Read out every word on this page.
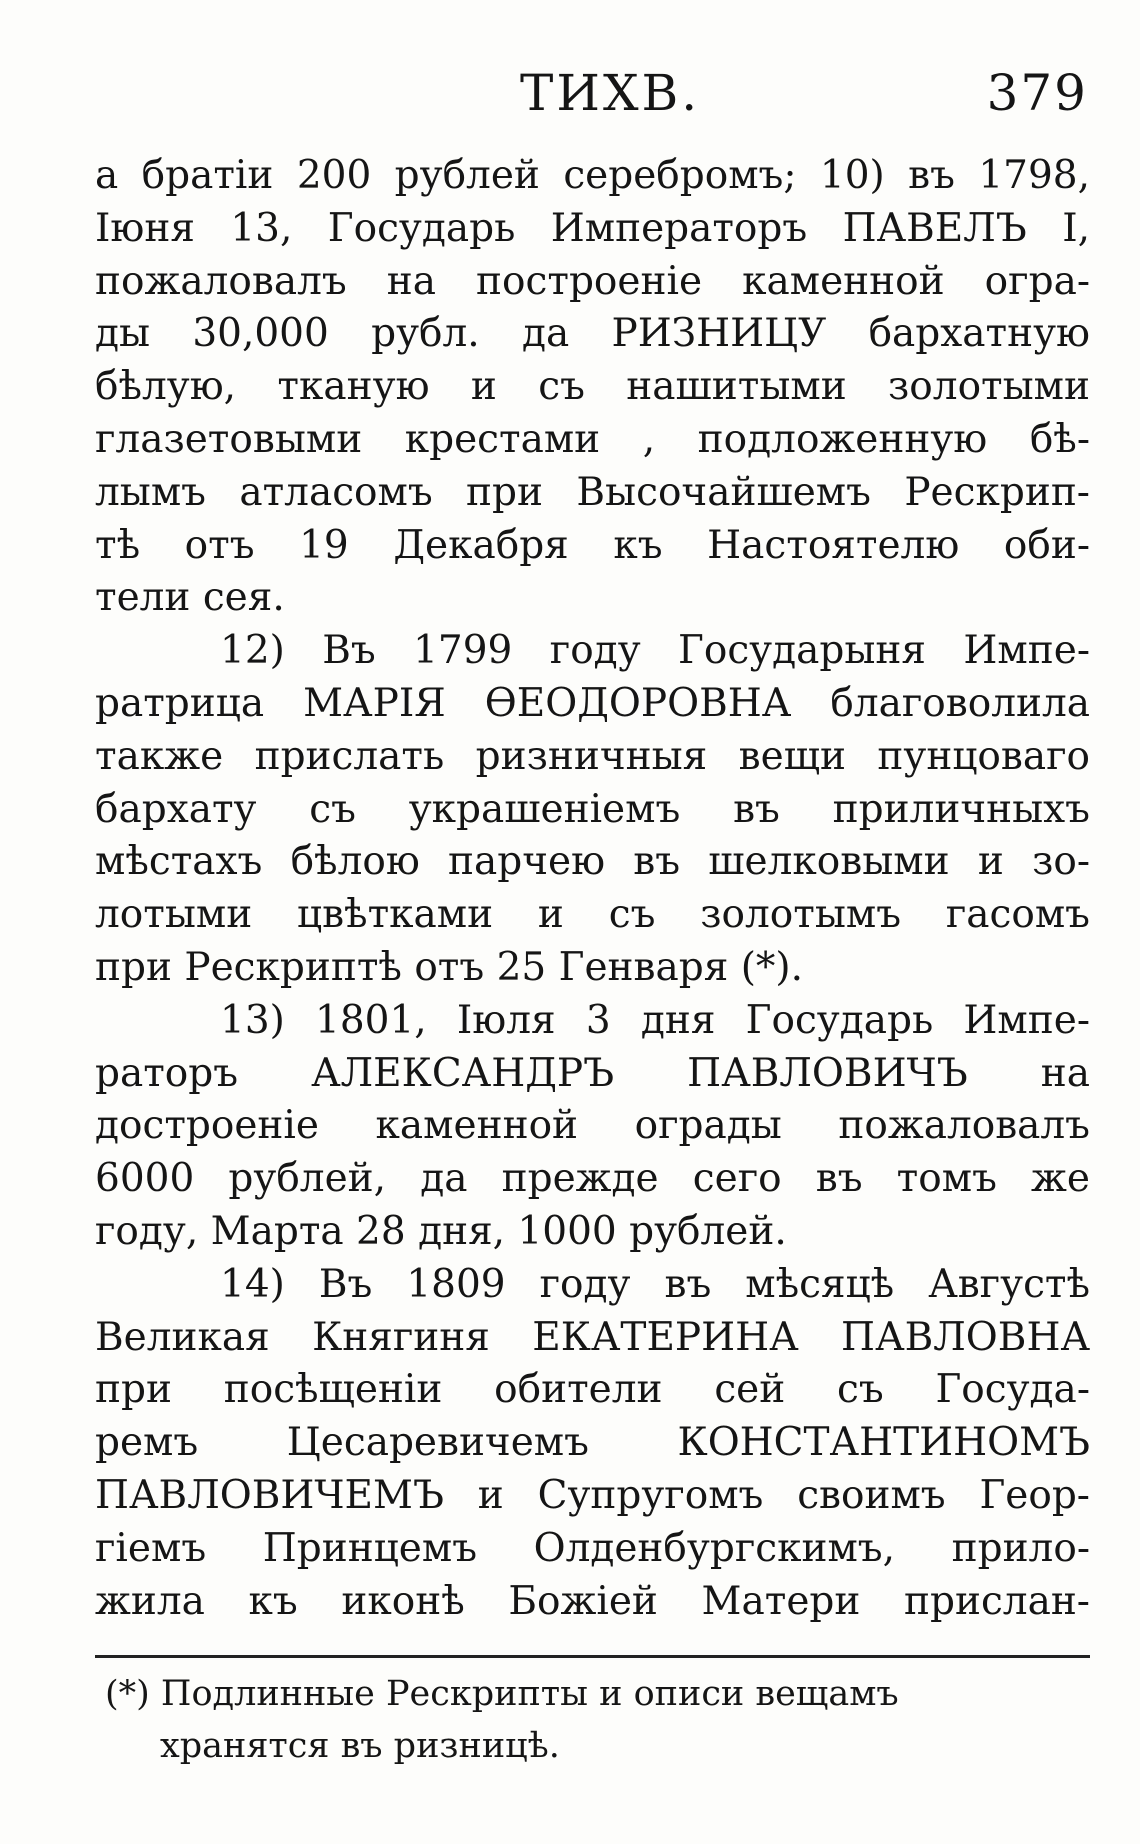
ТИХВ.	379
а братіи 200 рублей серебромъ; 10) въ 1798,
Іюня 13, Государь Императоръ ПАВЕЛЪ I,
пожаловалъ на построеніе каменной огра-
ды 30,000 рубл. да РИЗНИЦУ бархатную
бѣлую, тканую и съ нашитыми золотыми
глазетовыми крестами , подложенную бѣ-
лымъ атласомъ при Высочайшемъ Рескрип-
тѣ отъ 19 Декабря къ Настоятелю оби-
тели сея.
12) Въ 1799 году Государыня Импе-
ратрица МАРІЯ ѲЕОДОРОВНА благоволила
также прислать ризничныя вещи пунцоваго
бархату съ украшеніемъ въ приличныхъ
мѣстахъ бѣлою парчею въ шелковыми и зо-
лотыми цвѣтками и съ золотымъ гасомъ
при Рескриптѣ отъ 25 Генваря (*).
13) 1801, Іюля 3 дня Государь Импе-
раторъ АЛЕКСАНДРЪ ПАВЛОВИЧЪ на
достроеніе каменной ограды пожаловалъ
6000 рублей, да прежде сего въ томъ же
году, Марта 28 дня, 1000 рублей.
14) Въ 1809 году въ мѣсяцѣ Августѣ
Великая Княгиня ЕКАТЕРИНА ПАВЛОВНА
при посѣщеніи обители сей съ Госуда-
ремъ Цесаревичемъ КОНСТАНТИНОМЪ
ПАВЛОВИЧЕМЪ и Супругомъ своимъ Геор-
гіемъ Принцемъ Олденбургскимъ, прило-
жила къ иконѣ Божіей Матери прислан-
(*) Подлинные Рескрипты и описи вещамъ
хранятся въ ризницѣ.
